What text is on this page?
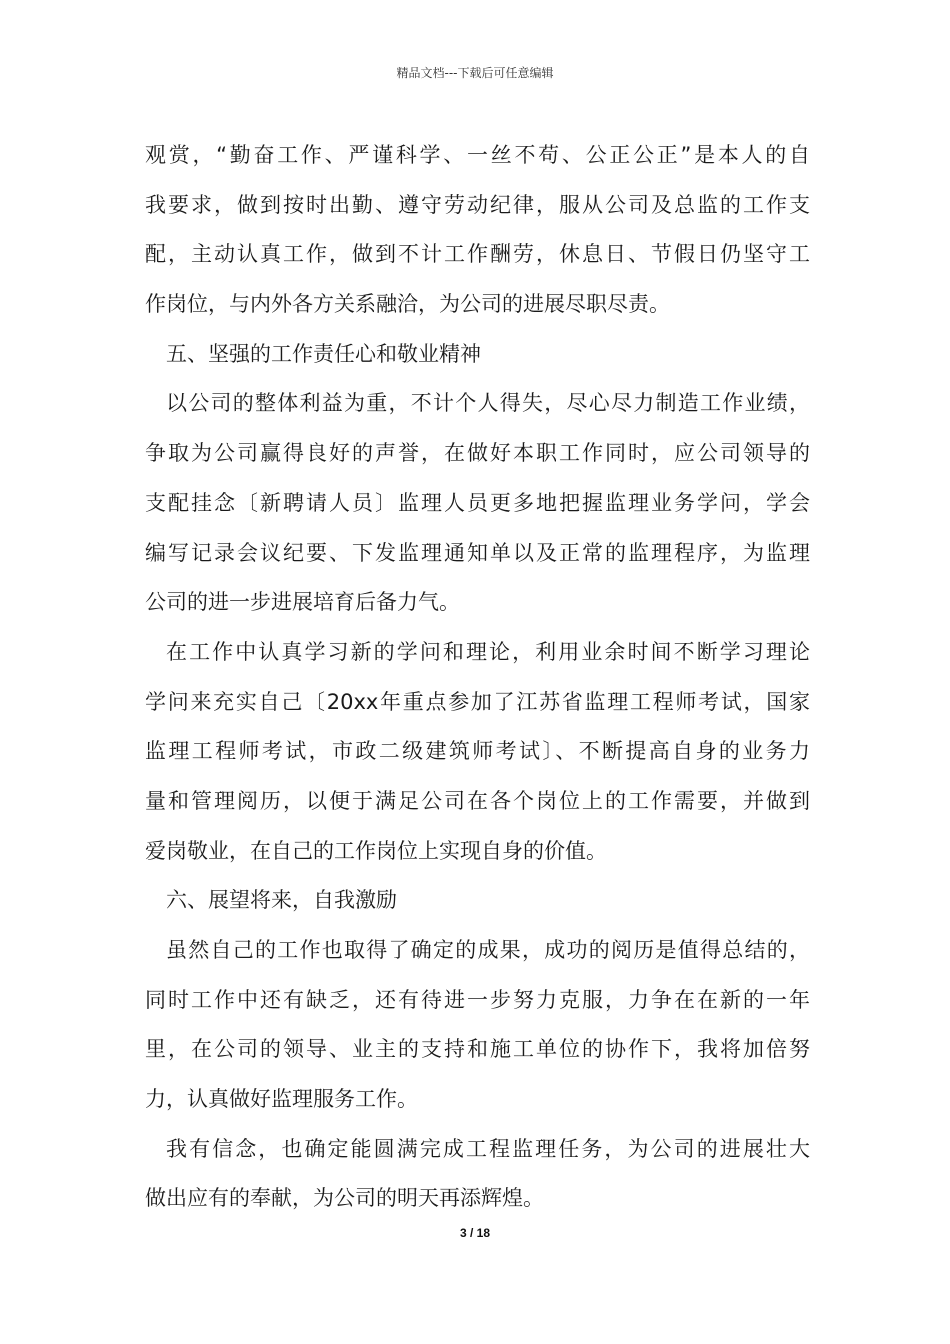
精品文档---下载后可任意编辑
观赏，“勤奋工作、严谨科学、一丝不苟、公正公正”是本人的自
我要求，做到按时出勤、遵守劳动纪律，服从公司及总监的工作支
配，主动认真工作，做到不计工作酬劳，休息日、节假日仍坚守工
作岗位，与内外各方关系融洽，为公司的进展尽职尽责。
五、坚强的工作责任心和敬业精神
以公司的整体利益为重，不计个人得失，尽心尽力制造工作业绩，
争取为公司赢得良好的声誉，在做好本职工作同时，应公司领导的
支配挂念〔新聘请人员〕监理人员更多地把握监理业务学问，学会
编写记录会议纪要、下发监理通知单以及正常的监理程序，为监理
公司的进一步进展培育后备力气。
在工作中认真学习新的学问和理论，利用业余时间不断学习理论
学问来充实自己〔20xx年重点参加了江苏省监理工程师考试，国家
监理工程师考试，市政二级建筑师考试〕、不断提高自身的业务力
量和管理阅历，以便于满足公司在各个岗位上的工作需要，并做到
爱岗敬业，在自己的工作岗位上实现自身的价值。
六、展望将来，自我激励
虽然自己的工作也取得了确定的成果，成功的阅历是值得总结的，
同时工作中还有缺乏，还有待进一步努力克服，力争在在新的一年
里，在公司的领导、业主的支持和施工单位的协作下，我将加倍努
力，认真做好监理服务工作。
我有信念，也确定能圆满完成工程监理任务，为公司的进展壮大
做出应有的奉献，为公司的明天再添辉煌。
3 / 18
